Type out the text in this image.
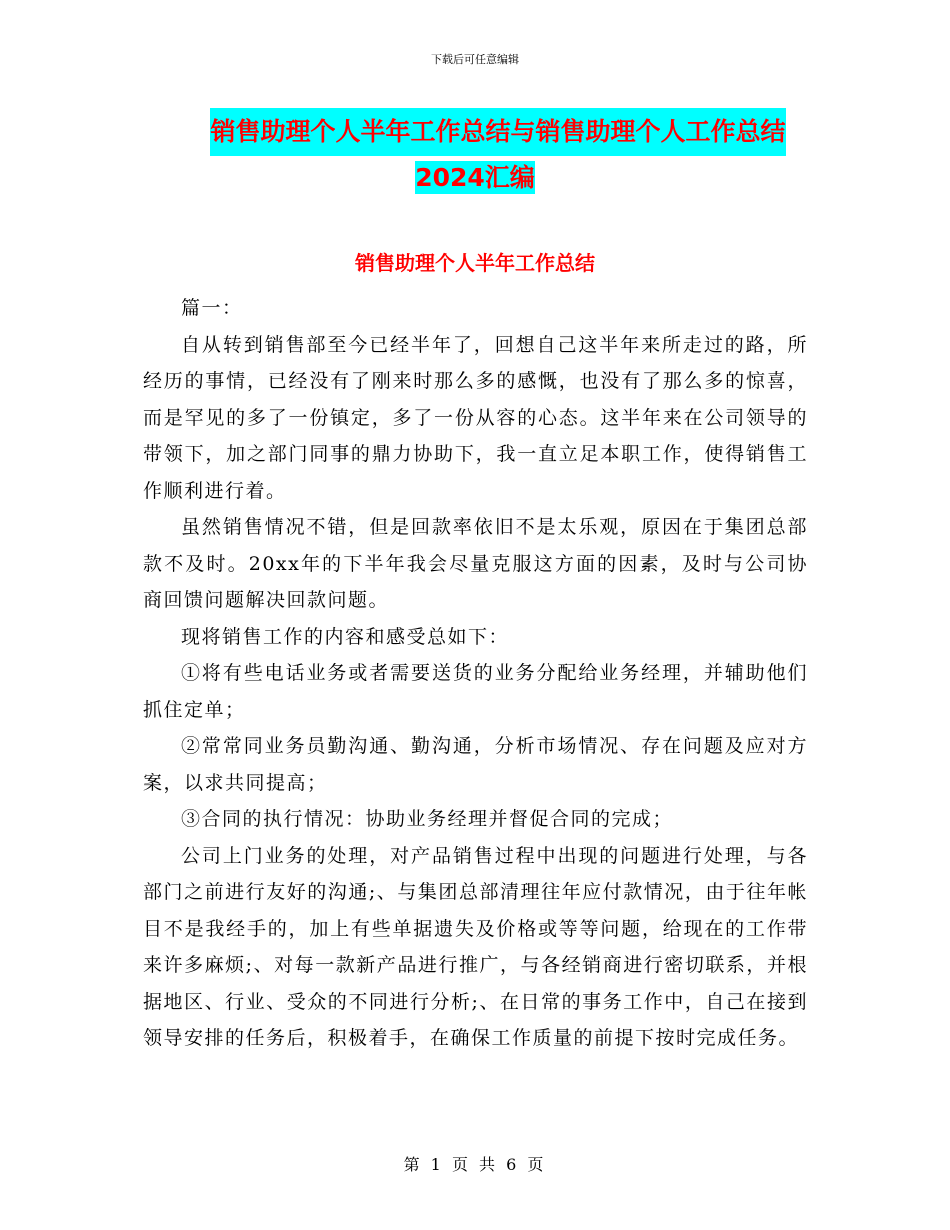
下载后可任意编辑
销售助理个人半年工作总结与销售助理个人工作总结
2024汇编
销售助理个人半年工作总结

篇一：

自从转到销售部至今已经半年了，回想自己这半年来所走过的路，所经历的事情，已经没有了刚来时那么多的感慨，也没有了那么多的惊喜，而是罕见的多了一份镇定，多了一份从容的心态。这半年来在公司领导的带领下，加之部门同事的鼎力协助下，我一直立足本职工作，使得销售工作顺利进行着。

虽然销售情况不错，但是回款率依旧不是太乐观，原因在于集团总部款不及时。20xx年的下半年我会尽量克服这方面的因素，及时与公司协商回馈问题解决回款问题。

现将销售工作的内容和感受总如下：

①将有些电话业务或者需要送货的业务分配给业务经理，并辅助他们抓住定单；

②常常同业务员勤沟通、勤沟通，分析市场情况、存在问题及应对方案，以求共同提高；

③合同的执行情况：协助业务经理并督促合同的完成；

公司上门业务的处理，对产品销售过程中出现的问题进行处理，与各部门之前进行友好的沟通;、与集团总部清理往年应付款情况，由于往年帐目不是我经手的，加上有些单据遗失及价格或等等问题，给现在的工作带来许多麻烦;、对每一款新产品进行推广，与各经销商进行密切联系，并根据地区、行业、受众的不同进行分析;、在日常的事务工作中，自己在接到领导安排的任务后，积极着手，在确保工作质量的前提下按时完成任务。

第 1 页 共 6 页
